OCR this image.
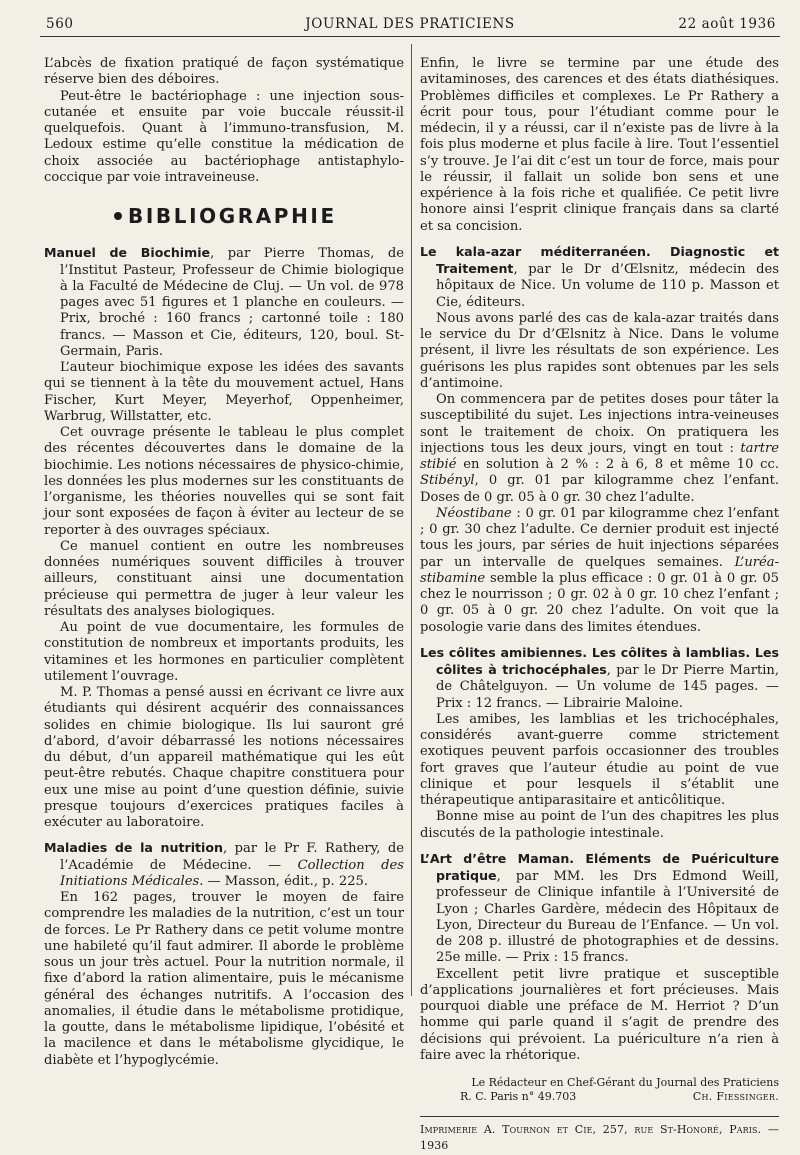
560	JOURNAL DES PRATICIENS	22 août 1936

L’abcès de fixation pratiqué de façon systématique réserve bien des déboires.

Peut-être le bactériophage : une injection sous-cutanée et ensuite par voie buccale réussit-il quelquefois. Quant à l’immuno-transfusion, M. Ledoux estime qu’elle constitue la médication de choix associée au bactériophage antistaphylo-coccique par voie intraveineuse.

BIBLIOGRAPHIE

Manuel de Biochimie, par Pierre Thomas, de l’Institut Pasteur, Professeur de Chimie biologique à la Faculté de Médecine de Cluj. — Un vol. de 978 pages avec 51 figures et 1 planche en couleurs. — Prix, broché : 160 francs ; cartonné toile : 180 francs. — Masson et Cie, éditeurs, 120, boul. St-Germain, Paris.

L’auteur biochimique expose les idées des savants qui se tiennent à la tête du mouvement actuel, Hans Fischer, Kurt Meyer, Meyerhof, Oppenheimer, Warbrug, Willstatter, etc.

Cet ouvrage présente le tableau le plus complet des récentes découvertes dans le domaine de la biochimie. Les notions nécessaires de physico-chimie, les données les plus modernes sur les constituants de l’organisme, les théories nouvelles qui se sont fait jour sont exposées de façon à éviter au lecteur de se reporter à des ouvrages spéciaux.

Ce manuel contient en outre les nombreuses données numériques souvent difficiles à trouver ailleurs, constituant ainsi une documentation précieuse qui permettra de juger à leur valeur les résultats des analyses biologiques.

Au point de vue documentaire, les formules de constitution de nombreux et importants produits, les vitamines et les hormones en particulier complètent utilement l’ouvrage.

M. P. Thomas a pensé aussi en écrivant ce livre aux étudiants qui désirent acquérir des connaissances solides en chimie biologique. Ils lui sauront gré d’abord, d’avoir débarrassé les notions nécessaires du début, d’un appareil mathématique qui les eût peut-être rebutés. Chaque chapitre constituera pour eux une mise au point d’une question définie, suivie presque toujours d’exercices pratiques faciles à exécuter au laboratoire.

Maladies de la nutrition, par le Pr F. Rathery, de l’Académie de Médecine. — Collection des Initiations Médicales. — Masson, édit., p. 225.

En 162 pages, trouver le moyen de faire comprendre les maladies de la nutrition, c’est un tour de forces. Le Pr Rathery dans ce petit volume montre une habileté qu’il faut admirer. Il aborde le problème sous un jour très actuel. Pour la nutrition normale, il fixe d’abord la ration alimentaire, puis le mécanisme général des échanges nutritifs. A l’occasion des anomalies, il étudie dans le métabolisme protidique, la goutte, dans le métabolisme lipidique, l’obésité et la macilence et dans le métabolisme glycidique, le diabète et l’hypoglycémie.

Enfin, le livre se termine par une étude des avitaminoses, des carences et des états diathésiques. Problèmes difficiles et complexes. Le Pr Rathery a écrit pour tous, pour l’étudiant comme pour le médecin, il y a réussi, car il n’existe pas de livre à la fois plus moderne et plus facile à lire. Tout l’essentiel s’y trouve. Je l’ai dit c’est un tour de force, mais pour le réussir, il fallait un solide bon sens et une expérience à la fois riche et qualifiée. Ce petit livre honore ainsi l’esprit clinique français dans sa clarté et sa concision.

Le kala-azar méditerranéen. Diagnostic et Traitement, par le Dr d’Œlsnitz, médecin des hôpitaux de Nice. Un volume de 110 p. Masson et Cie, éditeurs.

Nous avons parlé des cas de kala-azar traités dans le service du Dr d’Œlsnitz à Nice. Dans le volume présent, il livre les résultats de son expérience. Les guérisons les plus rapides sont obtenues par les sels d’antimoine.

On commencera par de petites doses pour tâter la susceptibilité du sujet. Les injections intra-veineuses sont le traitement de choix. On pratiquera les injections tous les deux jours, vingt en tout : tartre stibié en solution à 2 % : 2 à 6, 8 et même 10 cc. Stibényl, 0 gr. 01 par kilogramme chez l’enfant. Doses de 0 gr. 05 à 0 gr. 30 chez l’adulte.

Néostibane : 0 gr. 01 par kilogramme chez l’enfant ; 0 gr. 30 chez l’adulte. Ce dernier produit est injecté tous les jours, par séries de huit injections séparées par un intervalle de quelques semaines. L’uréa-stibamine semble la plus efficace : 0 gr. 01 à 0 gr. 05 chez le nourrisson ; 0 gr. 02 à 0 gr. 10 chez l’enfant ; 0 gr. 05 à 0 gr. 20 chez l’adulte. On voit que la posologie varie dans des limites étendues.

Les côlites amibiennes. Les côlites à lamblias. Les côlites à trichocéphales, par le Dr Pierre Martin, de Châtelguyon. — Un volume de 145 pages. — Prix : 12 francs. — Librairie Maloine.

Les amibes, les lamblias et les trichocéphales, considérés avant-guerre comme strictement exotiques peuvent parfois occasionner des troubles fort graves que l’auteur étudie au point de vue clinique et pour lesquels il s’établit une thérapeutique antiparasitaire et anticôlitique.

Bonne mise au point de l’un des chapitres les plus discutés de la pathologie intestinale.

L’Art d’être Maman. Eléments de Puériculture pratique, par MM. les Drs Edmond Weill, professeur de Clinique infantile à l’Université de Lyon ; Charles Gardère, médecin des Hôpitaux de Lyon, Directeur du Bureau de l’Enfance. — Un vol. de 208 p. illustré de photographies et de dessins. 25e mille. — Prix : 15 francs.

Excellent petit livre pratique et susceptible d’applications journalières et fort précieuses. Mais pourquoi diable une préface de M. Herriot ? D’un homme qui parle quand il s’agit de prendre des décisions qui prévoient. La puériculture n’a rien à faire avec la rhétorique.

Le Rédacteur en Chef-Gérant du Journal des Praticiens
R. C. Paris n° 49.703	Ch. Fiessinger.
Imprimerie A. Tournon et Cie, 257, rue St-Honoré, Paris. — 1936
